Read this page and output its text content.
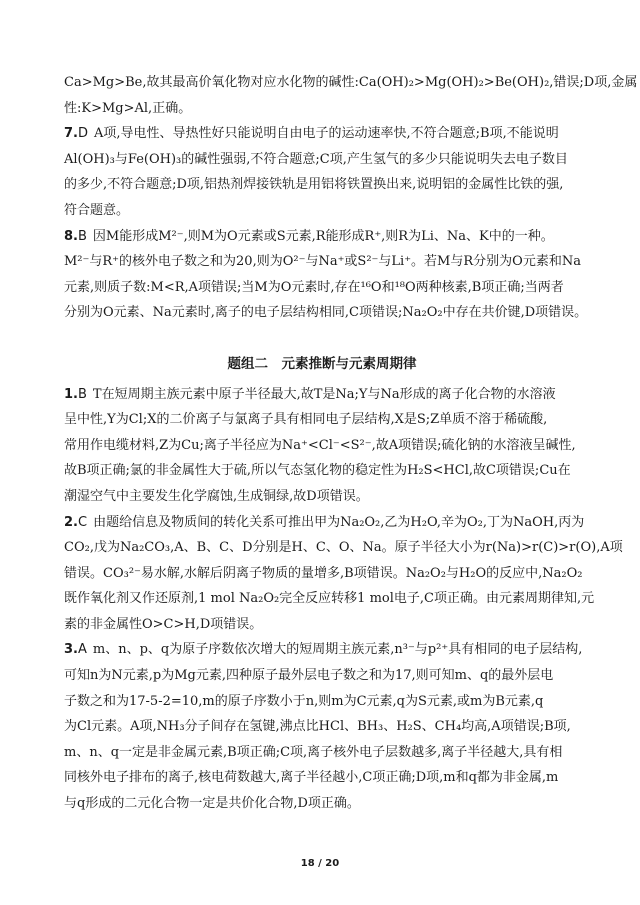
Ca>Mg>Be,故其最高价氧化物对应水化物的碱性:Ca(OH)₂>Mg(OH)₂>Be(OH)₂,错误;D项,金属
性:K>Mg>Al,正确。
7.D A项,导电性、导热性好只能说明自由电子的运动速率快,不符合题意;B项,不能说明
Al(OH)₃与Fe(OH)₃的碱性强弱,不符合题意;C项,产生氢气的多少只能说明失去电子数目
的多少,不符合题意;D项,铝热剂焊接铁轨是用铝将铁置换出来,说明铝的金属性比铁的强,
符合题意。
8.B 因M能形成M²⁻,则M为O元素或S元素,R能形成R⁺,则R为Li、Na、K中的一种。
M²⁻与R⁺的核外电子数之和为20,则为O²⁻与Na⁺或S²⁻与Li⁺。若M与R分别为O元素和Na
元素,则质子数:M<R,A项错误;当M为O元素时,存在¹⁶O和¹⁸O两种核素,B项正确;当两者
分别为O元素、Na元素时,离子的电子层结构相同,C项错误;Na₂O₂中存在共价键,D项错误。
题组二　元素推断与元素周期律
1.B T在短周期主族元素中原子半径最大,故T是Na;Y与Na形成的离子化合物的水溶液
呈中性,Y为Cl;X的二价离子与氯离子具有相同电子层结构,X是S;Z单质不溶于稀硫酸,
常用作电缆材料,Z为Cu;离子半径应为Na⁺<Cl⁻<S²⁻,故A项错误;硫化钠的水溶液呈碱性,
故B项正确;氯的非金属性大于硫,所以气态氢化物的稳定性为H₂S<HCl,故C项错误;Cu在
潮湿空气中主要发生化学腐蚀,生成铜绿,故D项错误。
2.C 由题给信息及物质间的转化关系可推出甲为Na₂O₂,乙为H₂O,辛为O₂,丁为NaOH,丙为
CO₂,戊为Na₂CO₃,A、B、C、D分别是H、C、O、Na。原子半径大小为r(Na)>r(C)>r(O),A项
错误。CO₃²⁻易水解,水解后阴离子物质的量增多,B项错误。Na₂O₂与H₂O的反应中,Na₂O₂
既作氧化剂又作还原剂,1 mol Na₂O₂完全反应转移1 mol电子,C项正确。由元素周期律知,元
素的非金属性O>C>H,D项错误。
3.A m、n、p、q为原子序数依次增大的短周期主族元素,n³⁻与p²⁺具有相同的电子层结构,
可知n为N元素,p为Mg元素,四种原子最外层电子数之和为17,则可知m、q的最外层电
子数之和为17-5-2=10,m的原子序数小于n,则m为C元素,q为S元素,或m为B元素,q
为Cl元素。A项,NH₃分子间存在氢键,沸点比HCl、BH₃、H₂S、CH₄均高,A项错误;B项,
m、n、q一定是非金属元素,B项正确;C项,离子核外电子层数越多,离子半径越大,具有相
同核外电子排布的离子,核电荷数越大,离子半径越小,C项正确;D项,m和q都为非金属,m
与q形成的二元化合物一定是共价化合物,D项正确。
18 / 20
